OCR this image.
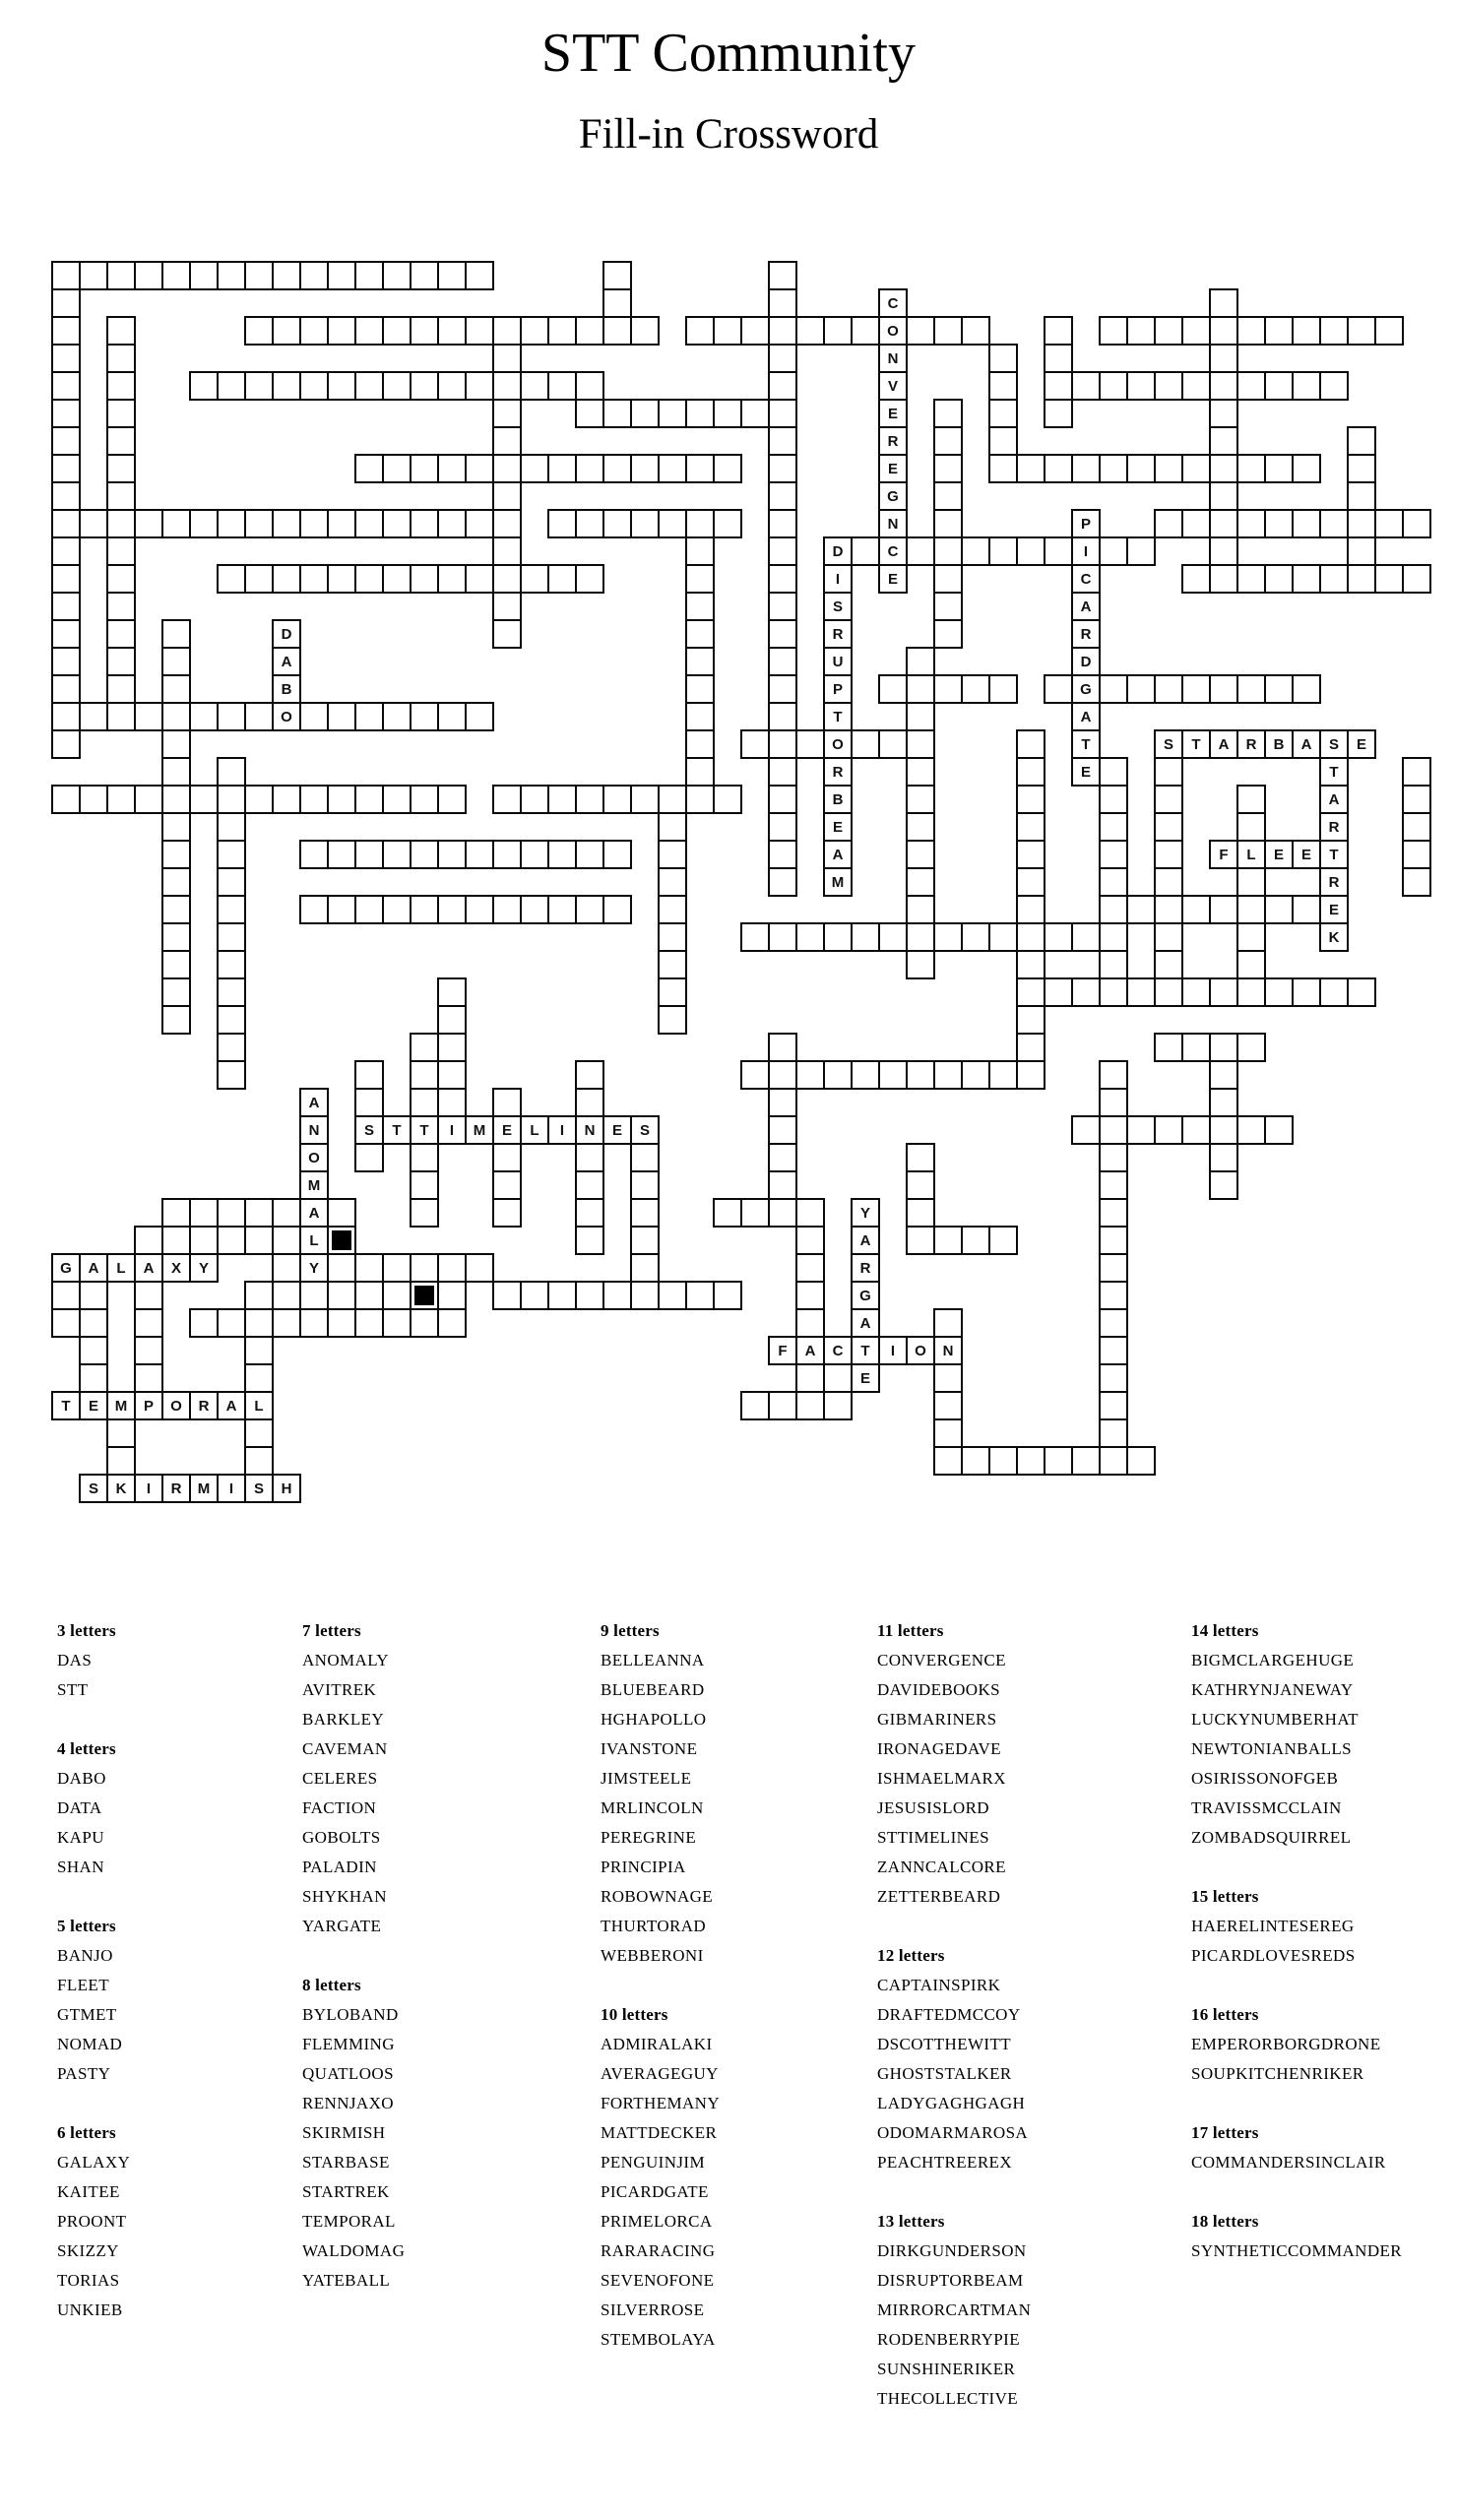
STT Community
Fill-in Crossword
O
D	C	I
G
O
O	S	T	A	R	B	A	S	E
F	L	E	E	T
S	T	T	I	M	E	L	I	N	E	S
A
L
G	A	L	A	X	Y	Y
F	A	C	T	I	O	N
T	E	M	P	O	R	A	L
S	K	I	R	M	I	S	H
C
N
V
E
R
E
G
N
E
P
C
A
R
D
A
T
E
I
S
R
U
P
T
R
B
E
A
M
D
A
B
T
A
R
R
E
K
A
N
O
M
Y
A
R
G
A
E
3 letters
DAS
STT
4 letters
DABO
DATA
KAPU
SHAN
5 letters
BANJO
FLEET
GTMET
NOMAD
PASTY
6 letters
GALAXY
KAITEE
PROONT
SKIZZY
TORIAS
UNKIEB
7 letters
ANOMALY
AVITREK
BARKLEY
CAVEMAN
CELERES
FACTION
GOBOLTS
PALADIN
SHYKHAN
YARGATE
8 letters
BYLOBAND
FLEMMING
QUATLOOS
RENNJAXO
SKIRMISH
STARBASE
STARTREK
TEMPORAL
WALDOMAG
YATEBALL
9 letters
BELLEANNA
BLUEBEARD
HGHAPOLLO
IVANSTONE
JIMSTEELE
MRLINCOLN
PEREGRINE
PRINCIPIA
ROBOWNAGE
THURTORAD
WEBBERONI
10 letters
ADMIRALAKI
AVERAGEGUY
FORTHEMANY
MATTDECKER
PENGUINJIM
PICARDGATE
PRIMELORCA
RARARACING
SEVENOFONE
SILVERROSE
STEMBOLAYA
11 letters
CONVERGENCE
DAVIDEBOOKS
GIBMARINERS
IRONAGEDAVE
ISHMAELMARX
JESUSISLORD
STTIMELINES
ZANNCALCORE
ZETTERBEARD
12 letters
CAPTAINSPIRK
DRAFTEDMCCOY
DSCOTTHEWITT
GHOSTSTALKER
LADYGAGHGAGH
ODOMARMAROSA
PEACHTREEREX
13 letters
DIRKGUNDERSON
DISRUPTORBEAM
MIRRORCARTMAN
RODENBERRYPIE
SUNSHINERIKER
THECOLLECTIVE
14 letters
BIGMCLARGEHUGE
KATHRYNJANEWAY
LUCKYNUMBERHAT
NEWTONIANBALLS
OSIRISSONOFGEB
TRAVISSMCCLAIN
ZOMBADSQUIRREL
15 letters
HAERELINTESEREG
PICARDLOVESREDS
16 letters
EMPERORBORGDRONE
SOUPKITCHENRIKER
17 letters
COMMANDERSINCLAIR
18 letters
SYNTHETICCOMMANDER
